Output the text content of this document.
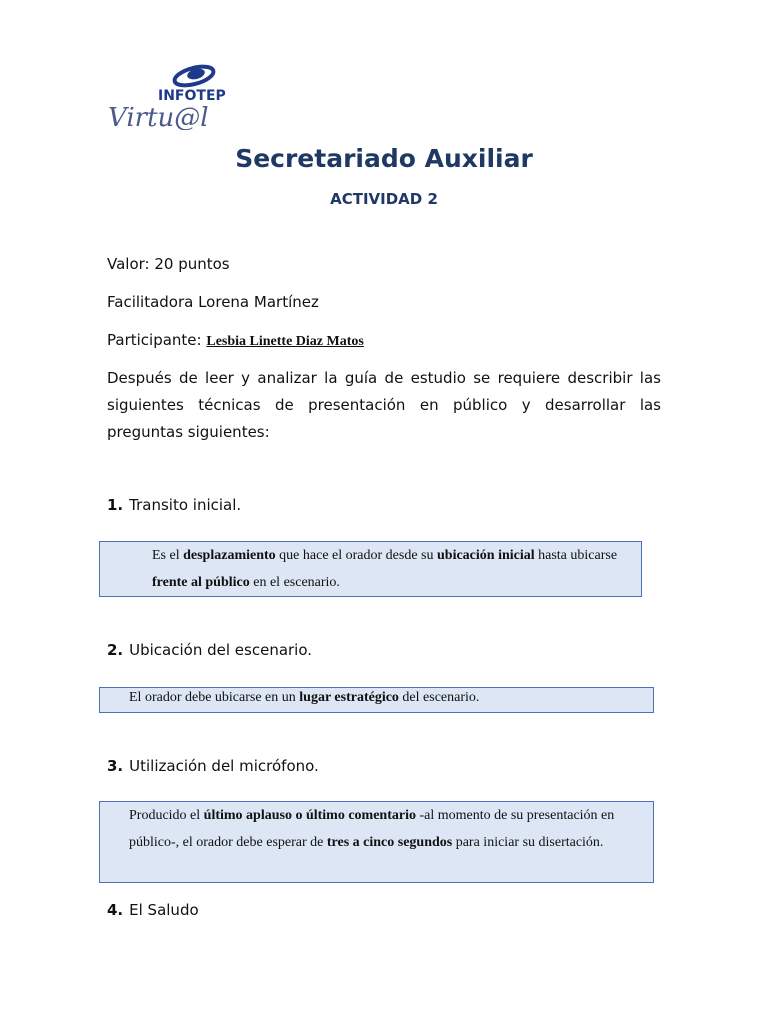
INFOTEP
Virtu@l
Secretariado Auxiliar
ACTIVIDAD 2
Valor: 20 puntos
Facilitadora Lorena Martínez
Participante: Lesbia Linette Diaz Matos
Después de leer y analizar la guía de estudio se requiere describir las siguientes técnicas de presentación en público y desarrollar las preguntas siguientes:
1. Transito inicial.
Es el desplazamiento que hace el orador desde su ubicación inicial hasta ubicarse frente al público en el escenario.
2. Ubicación del escenario.
El orador debe ubicarse en un lugar estratégico del escenario.
3. Utilización del micrófono.
Producido el último aplauso o último comentario -al momento de su presentación en público-, el orador debe esperar de tres a cinco segundos para iniciar su disertación.
4. El Saludo
